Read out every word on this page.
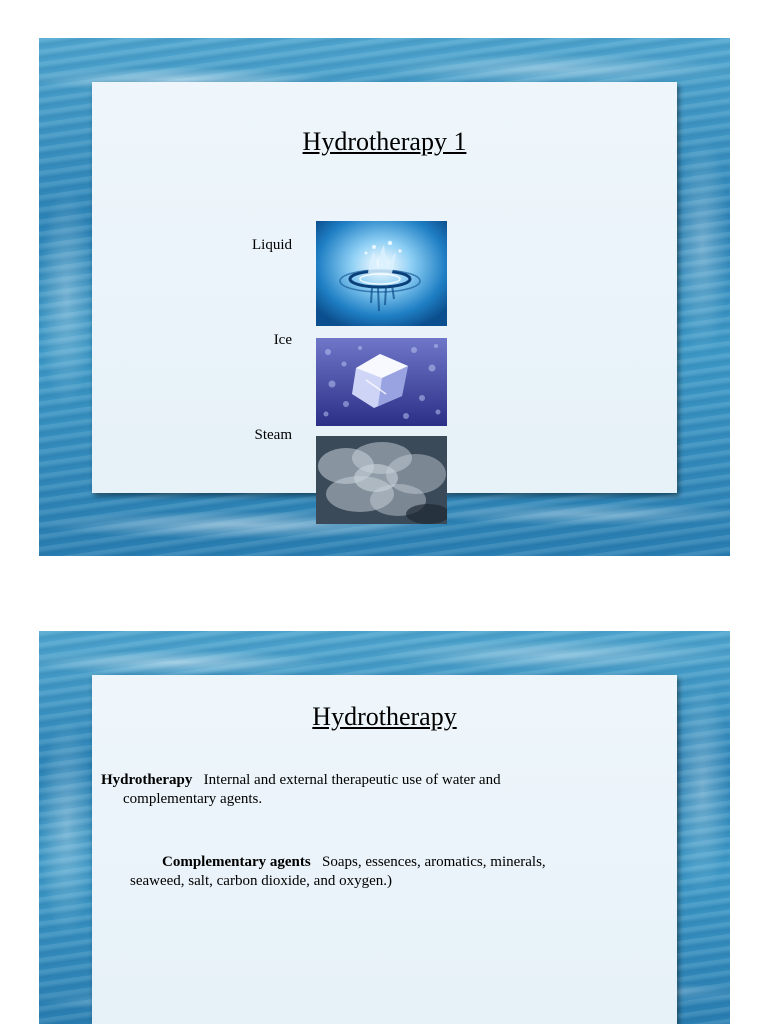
Hydrotherapy 1
Liquid
Ice
Steam
Hydrotherapy
Hydrotherapy Internal and external therapeutic use of water and
complementary agents.
Complementary agents Soaps, essences, aromatics, minerals,
seaweed, salt, carbon dioxide, and oxygen.)
